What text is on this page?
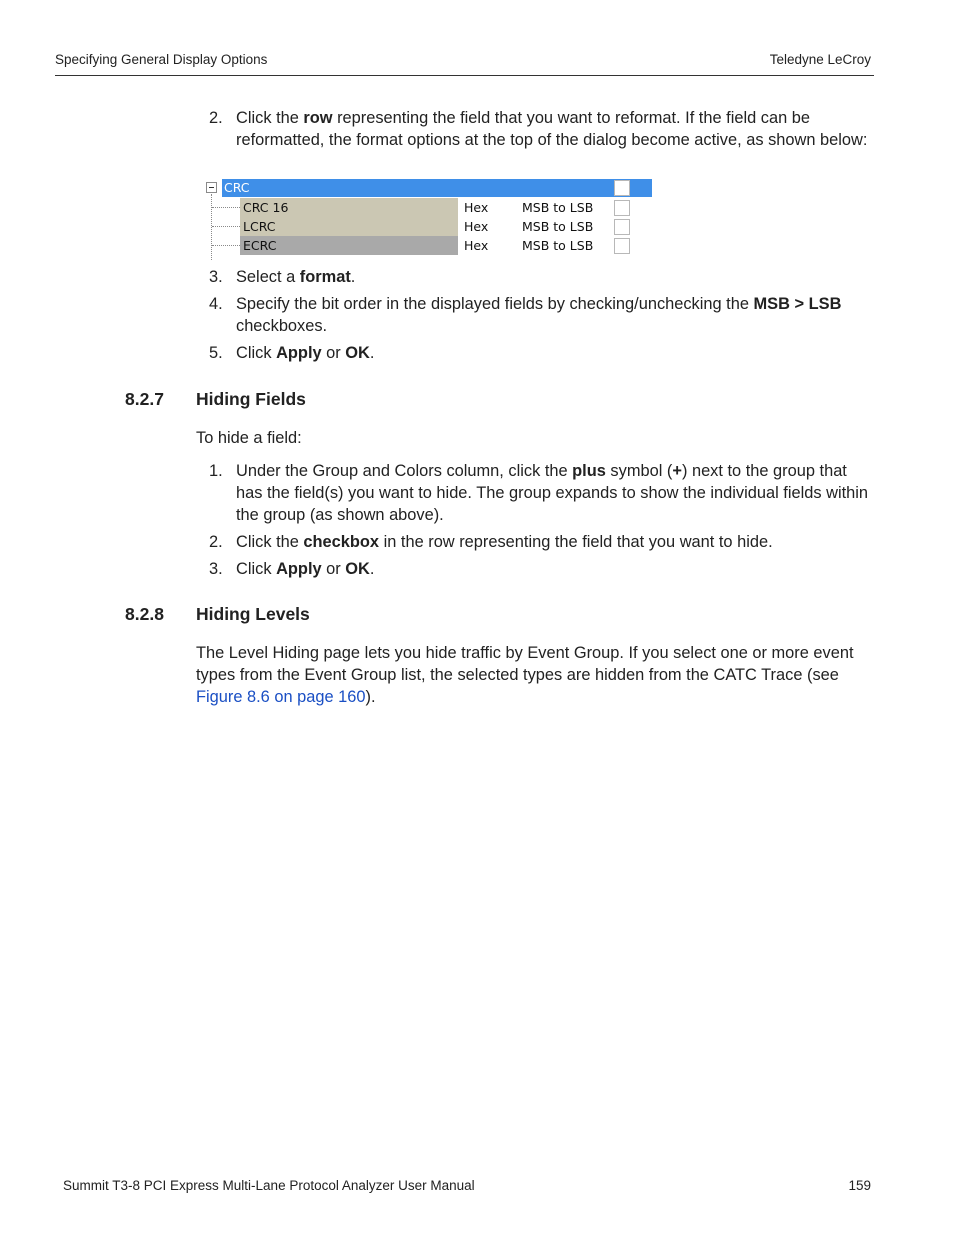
Specifying General Display Options	Teledyne LeCroy
2. Click the row representing the field that you want to reformat. If the field can be reformatted, the format options at the top of the dialog become active, as shown below:
CRC
CRC 16	Hex	MSB to LSB
LCRC	Hex	MSB to LSB
ECRC	Hex	MSB to LSB
3. Select a format.
4. Specify the bit order in the displayed fields by checking/unchecking the MSB > LSB checkboxes.
5. Click Apply or OK.
8.2.7 Hiding Fields
To hide a field:
1. Under the Group and Colors column, click the plus symbol (+) next to the group that has the field(s) you want to hide. The group expands to show the individual fields within the group (as shown above).
2. Click the checkbox in the row representing the field that you want to hide.
3. Click Apply or OK.
8.2.8 Hiding Levels
The Level Hiding page lets you hide traffic by Event Group. If you select one or more event types from the Event Group list, the selected types are hidden from the CATC Trace (see Figure 8.6 on page 160).
Summit T3-8 PCI Express Multi-Lane Protocol Analyzer User Manual	159
